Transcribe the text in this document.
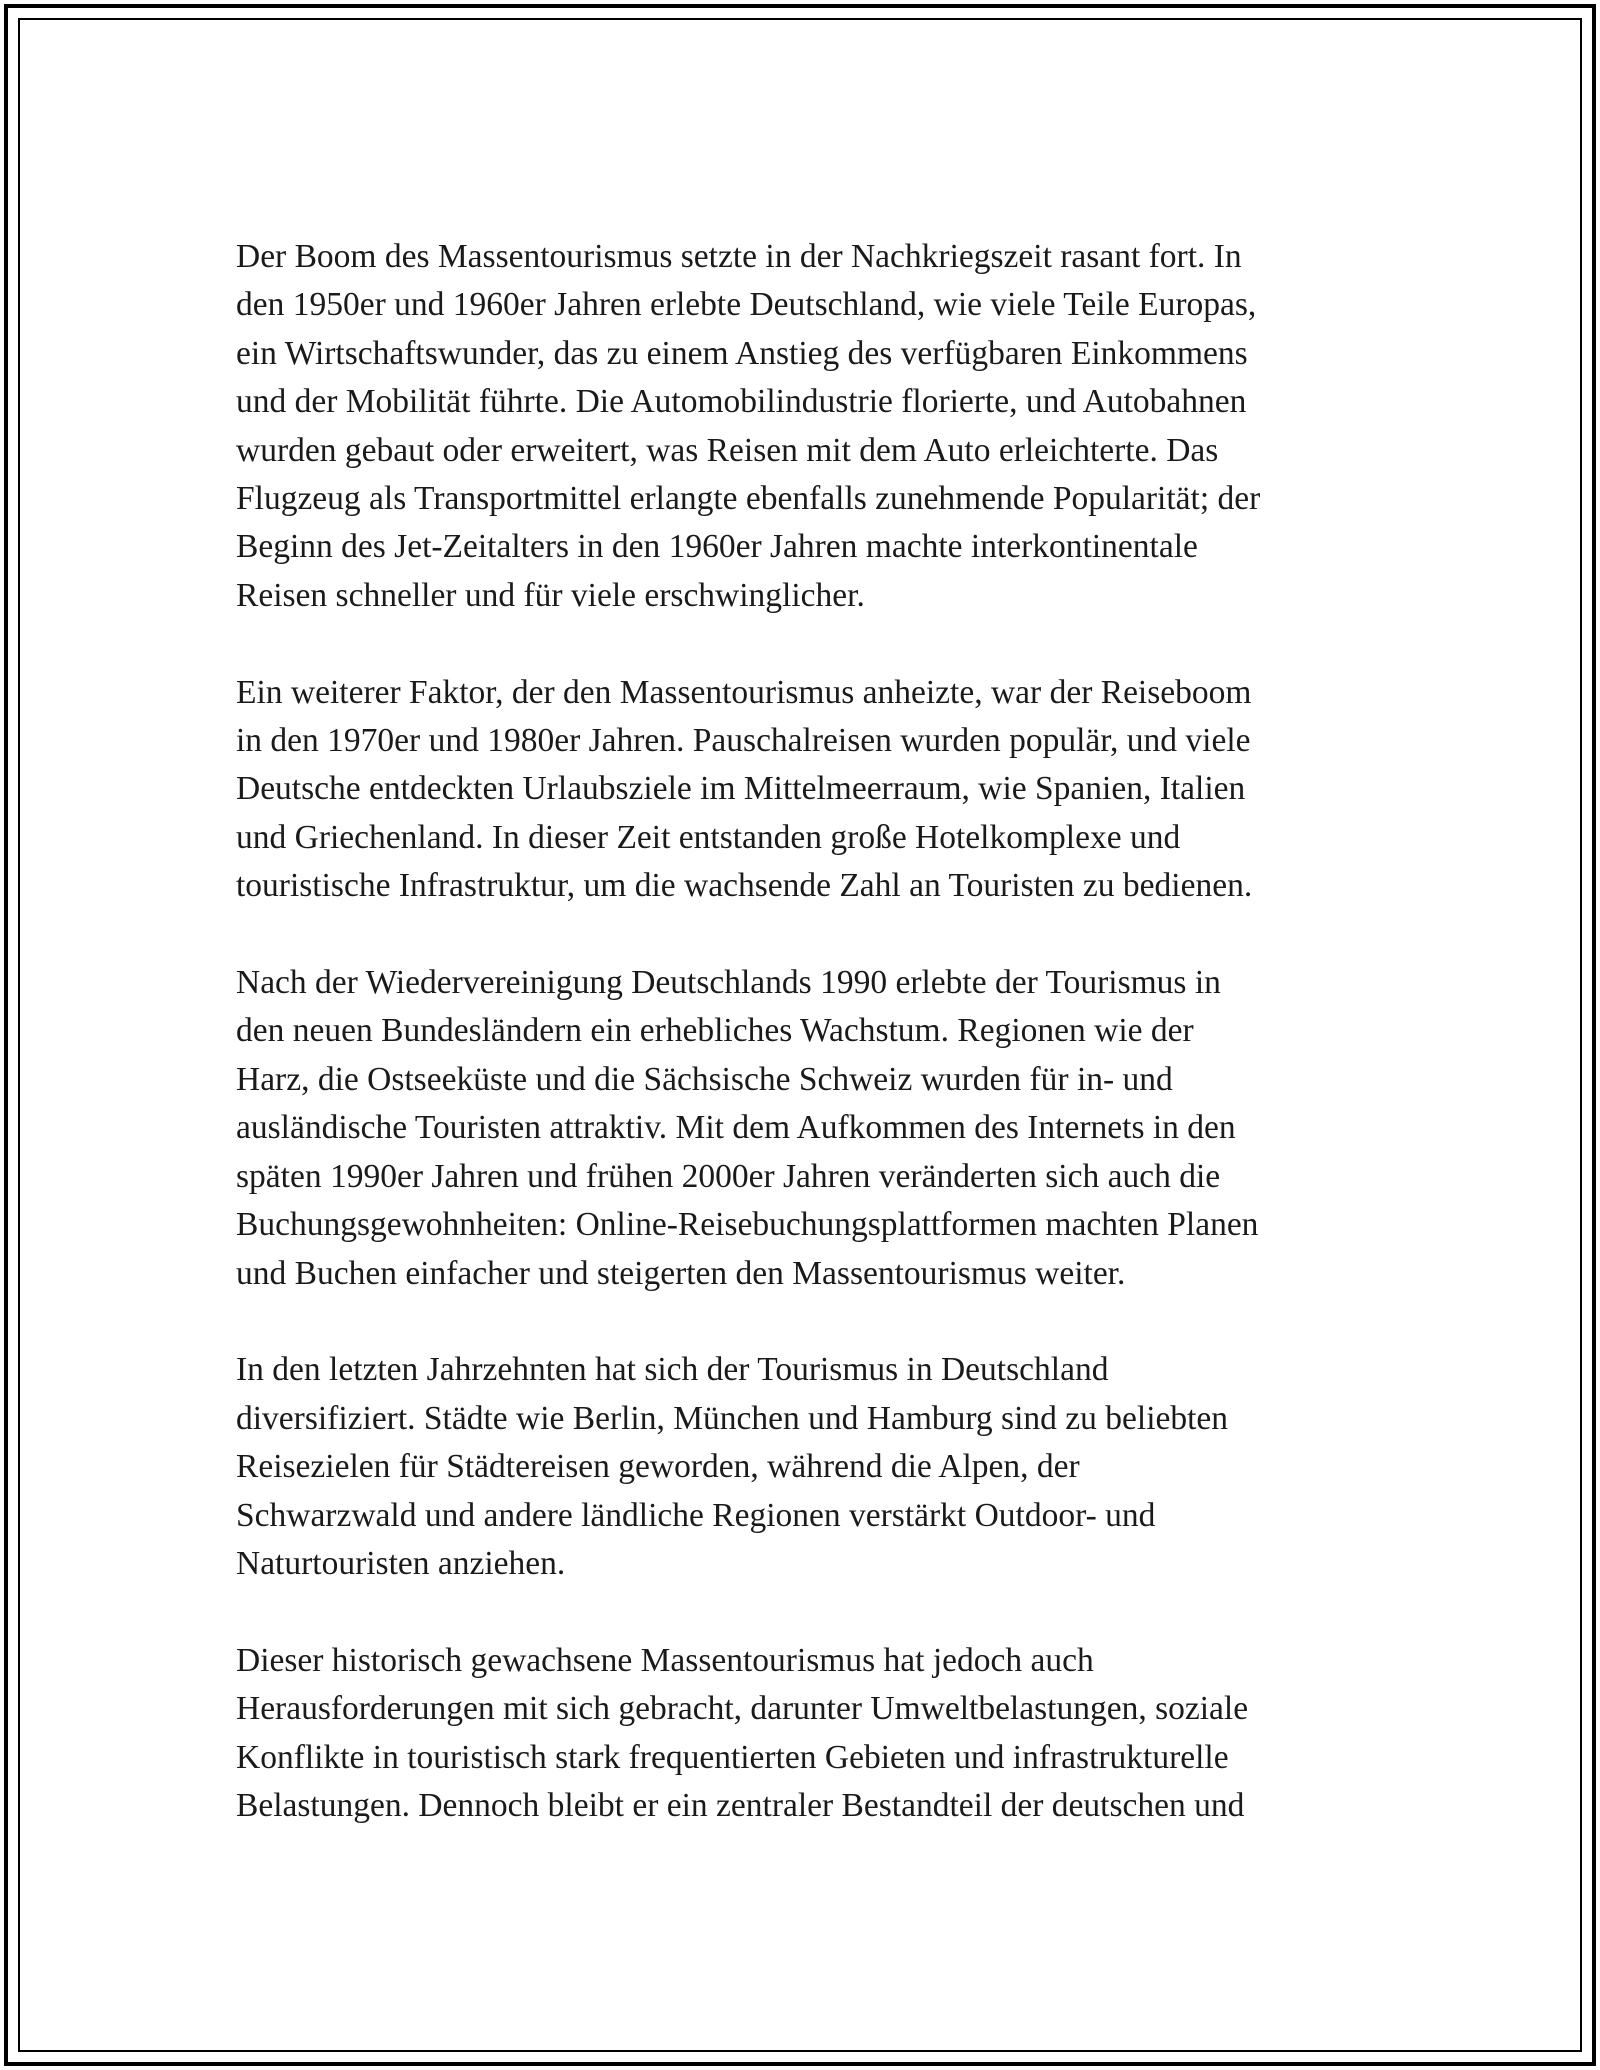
Der Boom des Massentourismus setzte in der Nachkriegszeit rasant fort. In
den 1950er und 1960er Jahren erlebte Deutschland, wie viele Teile Europas,
ein Wirtschaftswunder, das zu einem Anstieg des verfügbaren Einkommens
und der Mobilität führte. Die Automobilindustrie florierte, und Autobahnen
wurden gebaut oder erweitert, was Reisen mit dem Auto erleichterte. Das
Flugzeug als Transportmittel erlangte ebenfalls zunehmende Popularität; der
Beginn des Jet-Zeitalters in den 1960er Jahren machte interkontinentale
Reisen schneller und für viele erschwinglicher.

Ein weiterer Faktor, der den Massentourismus anheizte, war der Reiseboom
in den 1970er und 1980er Jahren. Pauschalreisen wurden populär, und viele
Deutsche entdeckten Urlaubsziele im Mittelmeerraum, wie Spanien, Italien
und Griechenland. In dieser Zeit entstanden große Hotelkomplexe und
touristische Infrastruktur, um die wachsende Zahl an Touristen zu bedienen.

Nach der Wiedervereinigung Deutschlands 1990 erlebte der Tourismus in
den neuen Bundesländern ein erhebliches Wachstum. Regionen wie der
Harz, die Ostseeküste und die Sächsische Schweiz wurden für in- und
ausländische Touristen attraktiv. Mit dem Aufkommen des Internets in den
späten 1990er Jahren und frühen 2000er Jahren veränderten sich auch die
Buchungsgewohnheiten: Online-Reisebuchungsplattformen machten Planen
und Buchen einfacher und steigerten den Massentourismus weiter.

In den letzten Jahrzehnten hat sich der Tourismus in Deutschland
diversifiziert. Städte wie Berlin, München und Hamburg sind zu beliebten
Reisezielen für Städtereisen geworden, während die Alpen, der
Schwarzwald und andere ländliche Regionen verstärkt Outdoor- und
Naturtouristen anziehen.

Dieser historisch gewachsene Massentourismus hat jedoch auch
Herausforderungen mit sich gebracht, darunter Umweltbelastungen, soziale
Konflikte in touristisch stark frequentierten Gebieten und infrastrukturelle
Belastungen. Dennoch bleibt er ein zentraler Bestandteil der deutschen und
